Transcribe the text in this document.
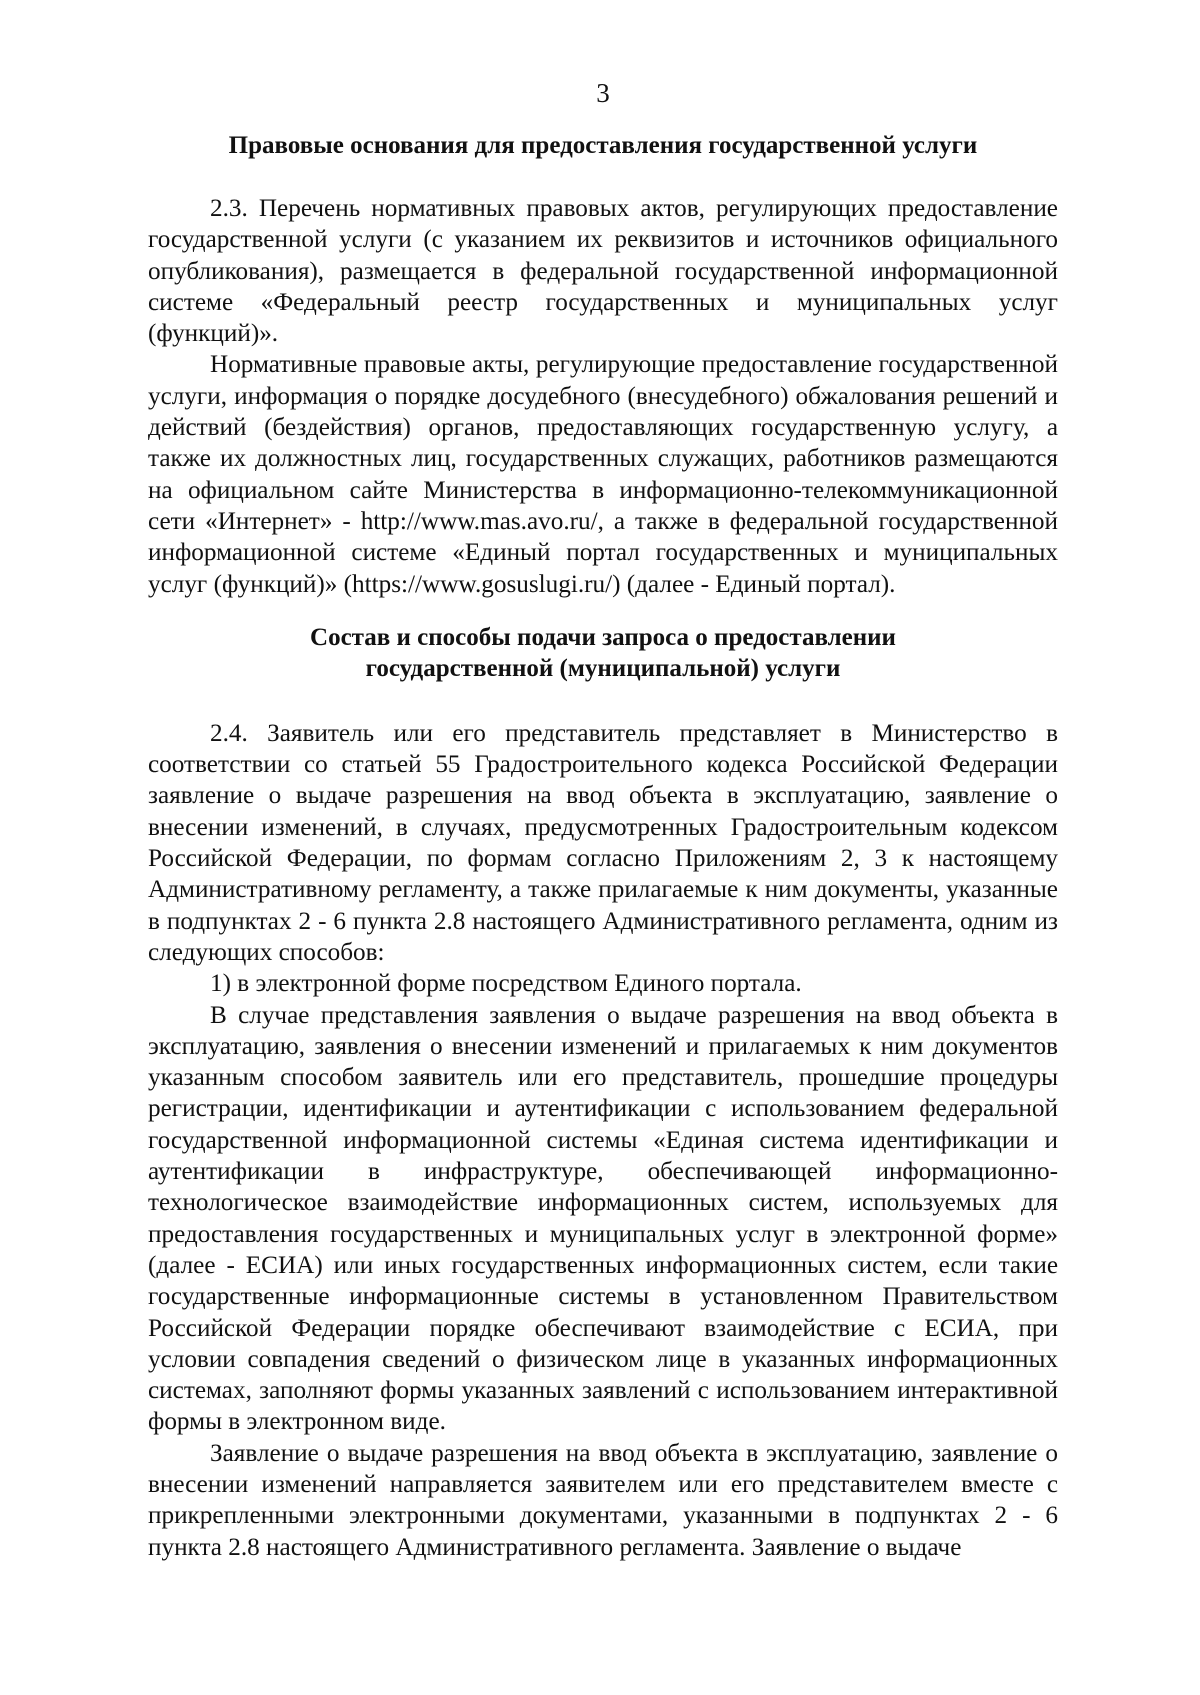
3
Правовые основания для предоставления государственной услуги

2.3. Перечень нормативных правовых актов, регулирующих предоставление государственной услуги (с указанием их реквизитов и источников официального опубликования), размещается в федеральной государственной информационной системе «Федеральный реестр государственных и муниципальных услуг (функций)».

Нормативные правовые акты, регулирующие предоставление государственной услуги, информация о порядке досудебного (внесудебного) обжалования решений и действий (бездействия) органов, предоставляющих государственную услугу, а также их должностных лиц, государственных служащих, работников размещаются на официальном сайте Министерства в информационно-телекоммуникационной сети «Интернет» - http://www.mas.avo.ru/, а также в федеральной государственной информационной системе «Единый портал государственных и муниципальных услуг (функций)» (https://www.gosuslugi.ru/) (далее - Единый портал).

Состав и способы подачи запроса о предоставлении
государственной (муниципальной) услуги

2.4. Заявитель или его представитель представляет в Министерство в соответствии со статьей 55 Градостроительного кодекса Российской Федерации заявление о выдаче разрешения на ввод объекта в эксплуатацию, заявление о внесении изменений, в случаях, предусмотренных Градостроительным кодексом Российской Федерации, по формам согласно Приложениям 2, 3 к настоящему Административному регламенту, а также прилагаемые к ним документы, указанные в подпунктах 2 - 6 пункта 2.8 настоящего Административного регламента, одним из следующих способов:

1) в электронной форме посредством Единого портала.

В случае представления заявления о выдаче разрешения на ввод объекта в эксплуатацию, заявления о внесении изменений и прилагаемых к ним документов указанным способом заявитель или его представитель, прошедшие процедуры регистрации, идентификации и аутентификации с использованием федеральной государственной информационной системы «Единая система идентификации и аутентификации в инфраструктуре, обеспечивающей информационно-технологическое взаимодействие информационных систем, используемых для предоставления государственных и муниципальных услуг в электронной форме» (далее - ЕСИА) или иных государственных информационных систем, если такие государственные информационные системы в установленном Правительством Российской Федерации порядке обеспечивают взаимодействие с ЕСИА, при условии совпадения сведений о физическом лице в указанных информационных системах, заполняют формы указанных заявлений с использованием интерактивной формы в электронном виде.

Заявление о выдаче разрешения на ввод объекта в эксплуатацию, заявление о внесении изменений направляется заявителем или его представителем вместе с прикрепленными электронными документами, указанными в подпунктах 2 - 6 пункта 2.8 настоящего Административного регламента. Заявление о выдаче
